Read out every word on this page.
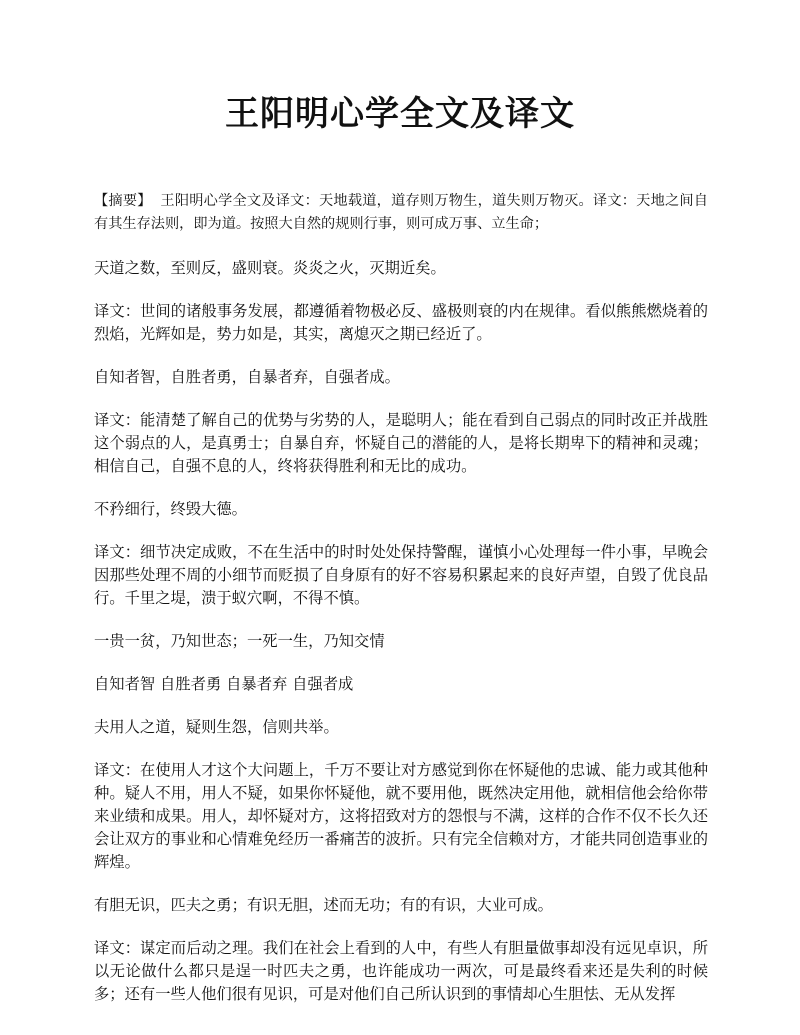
王阳明心学全文及译文

【摘要】 王阳明心学全文及译文：天地载道，道存则万物生，道失则万物灭。译文：天地之间自有其生存法则，即为道。按照大自然的规则行事，则可成万事、立生命；

天道之数，至则反，盛则衰。炎炎之火，灭期近矣。

译文：世间的诸般事务发展，都遵循着物极必反、盛极则衰的内在规律。看似熊熊燃烧着的烈焰，光辉如是，势力如是，其实，离熄灭之期已经近了。

自知者智，自胜者勇，自暴者弃，自强者成。

译文：能清楚了解自己的优势与劣势的人，是聪明人；能在看到自己弱点的同时改正并战胜这个弱点的人，是真勇士；自暴自弃，怀疑自己的潜能的人，是将长期卑下的精神和灵魂；相信自己，自强不息的人，终将获得胜利和无比的成功。

不矜细行，终毁大德。

译文：细节决定成败，不在生活中的时时处处保持警醒，谨慎小心处理每一件小事，早晚会因那些处理不周的小细节而贬损了自身原有的好不容易积累起来的良好声望，自毁了优良品行。千里之堤，溃于蚁穴啊，不得不慎。

一贵一贫，乃知世态；一死一生，乃知交情

自知者智 自胜者勇 自暴者弃 自强者成

夫用人之道，疑则生怨，信则共举。

译文：在使用人才这个大问题上，千万不要让对方感觉到你在怀疑他的忠诚、能力或其他种种。疑人不用，用人不疑，如果你怀疑他，就不要用他，既然决定用他，就相信他会给你带来业绩和成果。用人，却怀疑对方，这将招致对方的怨恨与不满，这样的合作不仅不长久还会让双方的事业和心情难免经历一番痛苦的波折。只有完全信赖对方，才能共同创造事业的辉煌。

有胆无识，匹夫之勇；有识无胆，述而无功；有的有识，大业可成。

译文：谋定而后动之理。我们在社会上看到的人中，有些人有胆量做事却没有远见卓识，所以无论做什么都只是逞一时匹夫之勇，也许能成功一两次，可是最终看来还是失利的时候多；还有一些人他们很有见识，可是对他们自己所认识到的事情却心生胆怯、无从发挥
